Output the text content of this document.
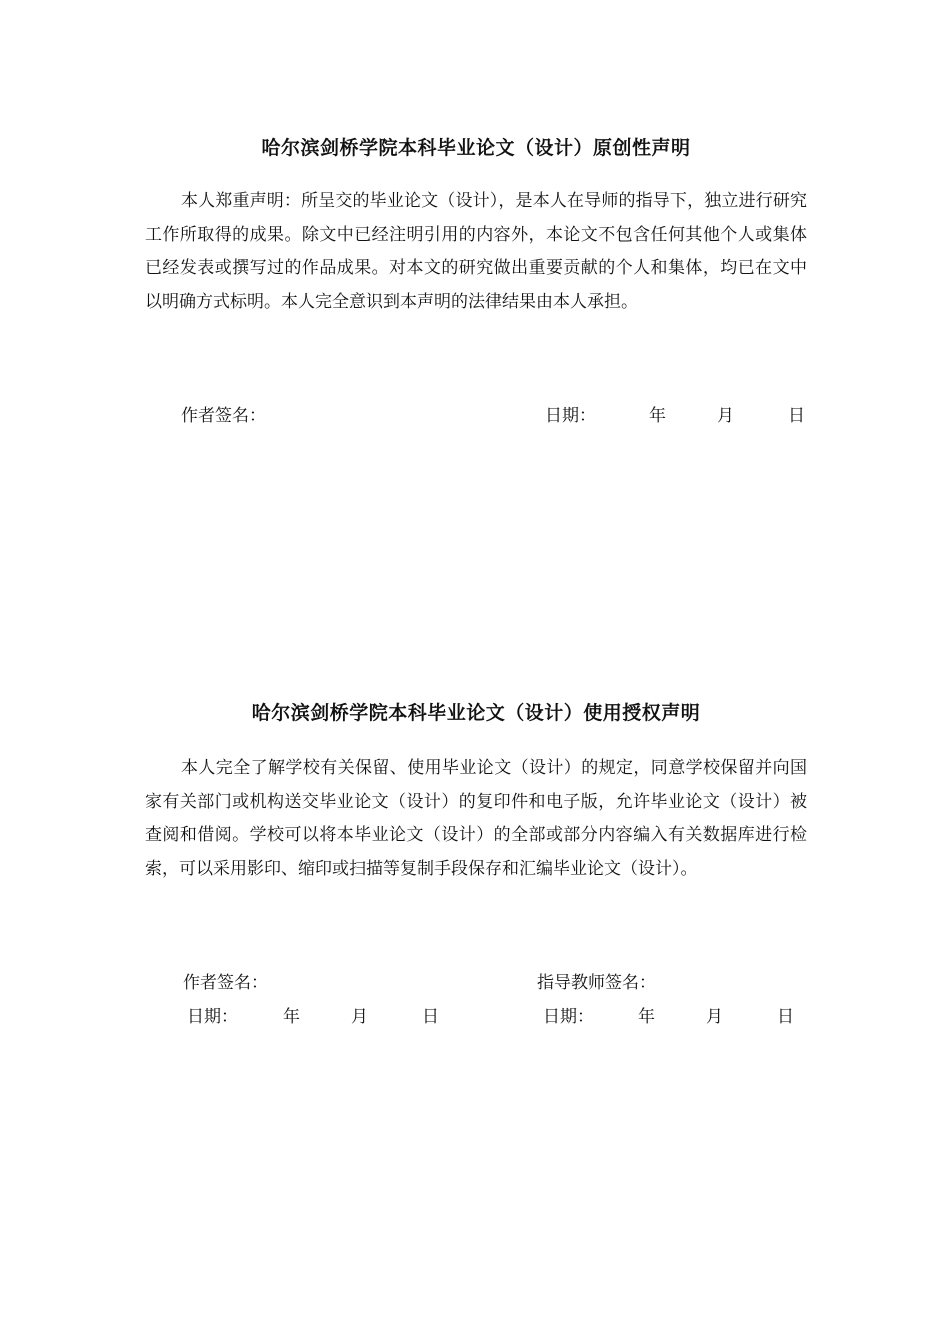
哈尔滨剑桥学院本科毕业论文（设计）原创性声明

本人郑重声明：所呈交的毕业论文（设计），是本人在导师的指导下，独立进行研究工作所取得的成果。除文中已经注明引用的内容外，本论文不包含任何其他个人或集体已经发表或撰写过的作品成果。对本文的研究做出重要贡献的个人和集体，均已在文中以明确方式标明。本人完全意识到本声明的法律结果由本人承担。

作者签名：	日期：	年	月	日
哈尔滨剑桥学院本科毕业论文（设计）使用授权声明

本人完全了解学校有关保留、使用毕业论文（设计）的规定，同意学校保留并向国家有关部门或机构送交毕业论文（设计）的复印件和电子版，允许毕业论文（设计）被查阅和借阅。学校可以将本毕业论文（设计）的全部或部分内容编入有关数据库进行检索，可以采用影印、缩印或扫描等复制手段保存和汇编毕业论文（设计）。

作者签名：	指导教师签名：
日期：	年	月	日	日期：	年	月	日
